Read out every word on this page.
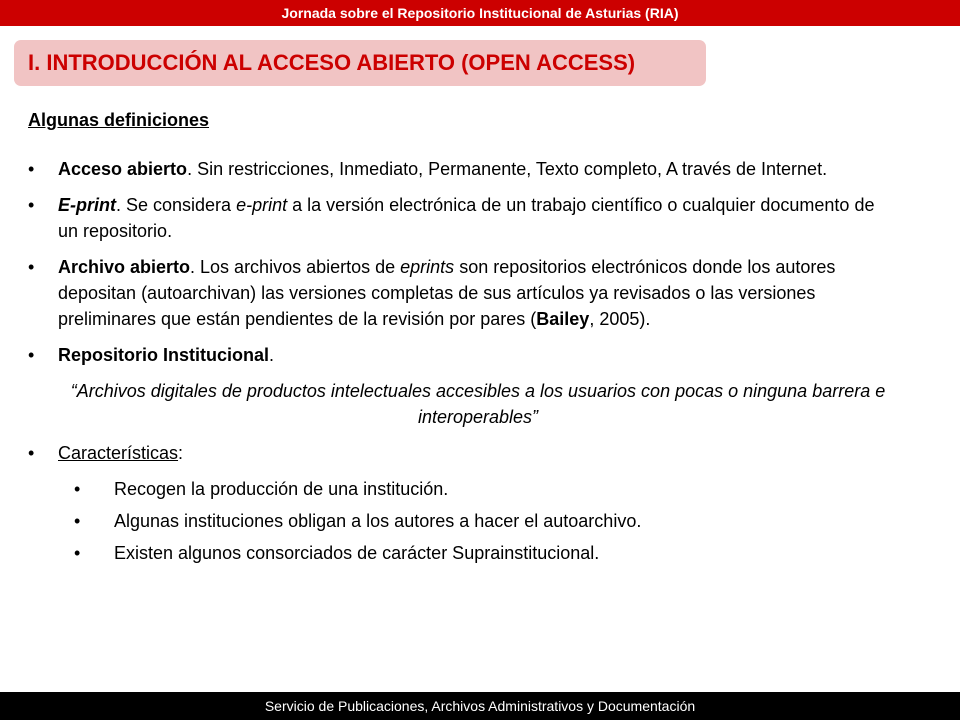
Jornada sobre el Repositorio Institucional de Asturias (RIA)
I. INTRODUCCIÓN AL ACCESO ABIERTO (OPEN ACCESS)
Algunas definiciones
• Acceso abierto. Sin restricciones, Inmediato, Permanente, Texto completo, A través de Internet.
• E-print. Se considera e-print a la versión electrónica de un trabajo científico o cualquier documento de un repositorio.
• Archivo abierto. Los archivos abiertos de eprints son repositorios electrónicos donde los autores depositan (autoarchivan) las versiones completas de sus artículos ya revisados o las versiones preliminares que están pendientes de la revisión por pares (Bailey, 2005).
• Repositorio Institucional.
“Archivos digitales de productos intelectuales accesibles a los usuarios con pocas o ninguna barrera e interoperables”
• Características:
• Recogen la producción de una institución.
• Algunas instituciones obligan a los autores a hacer el autoarchivo.
• Existen algunos consorciados de carácter Suprainstitucional.
Servicio de Publicaciones, Archivos Administrativos y Documentación
